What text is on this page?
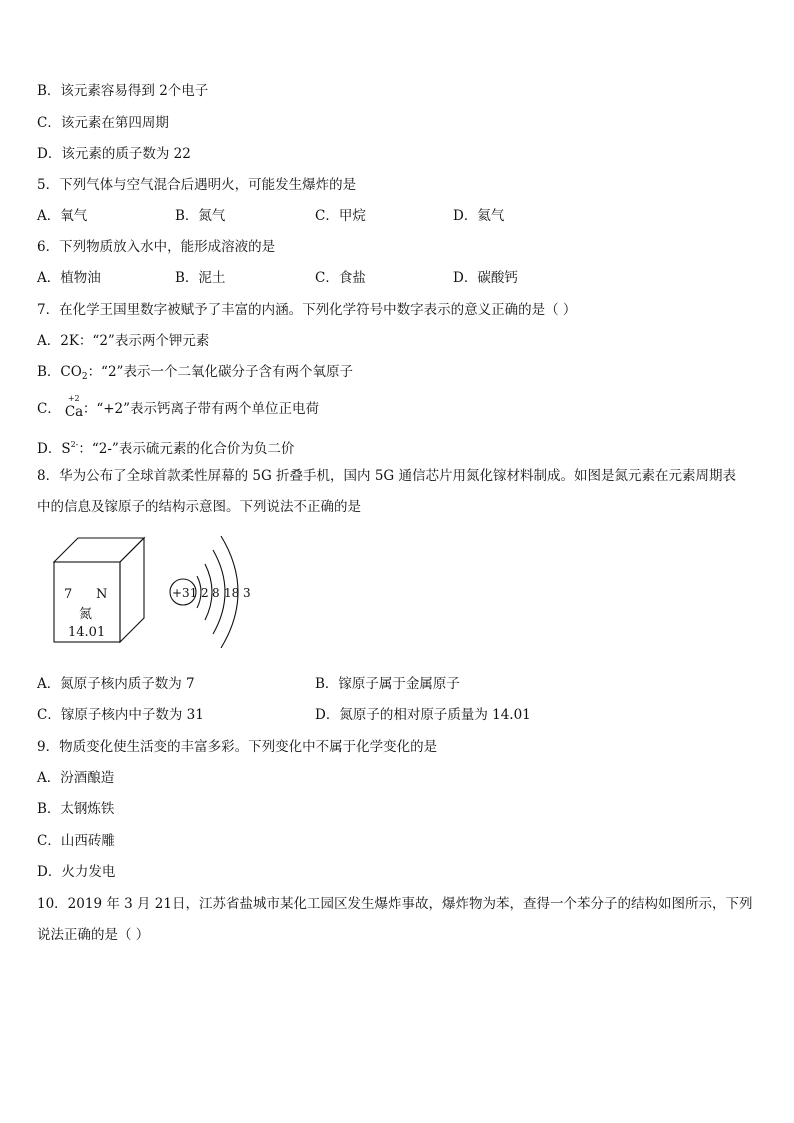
B．该元素容易得到 2个电子
C．该元素在第四周期
D．该元素的质子数为 22
5．下列气体与空气混合后遇明火，可能发生爆炸的是
A．氧气	B．氮气	C．甲烷	D．氦气
6．下列物质放入水中，能形成溶液的是
A．植物油	B．泥土	C．食盐	D．碳酸钙
7．在化学王国里数字被赋予了丰富的内涵。下列化学符号中数字表示的意义正确的是（ ）
A．2K：“2”表示两个钾元素
B．$CO_2$：“2”表示一个二氧化碳分子含有两个氧原子
C．
+2
Ca：“+2”表示钙离子带有两个单位正电荷
D．$S^{2-}$：“2-”表示硫元素的化合价为负二价
8．华为公布了全球首款柔性屏幕的 5G 折叠手机，国内 5G 通信芯片用氮化镓材料制成。如图是氮元素在元素周期表
中的信息及镓原子的结构示意图。下列说法不正确的是
7 N
氮
14.01
+31 2 8 18 3
A．氮原子核内质子数为 7	B．镓原子属于金属原子
C．镓原子核内中子数为 31	D．氮原子的相对原子质量为 14.01
9．物质变化使生活变的丰富多彩。下列变化中不属于化学变化的是
A．汾酒酿造
B．太钢炼铁
C．山西砖雕
D．火力发电
10．2019 年 3 月 21日，江苏省盐城市某化工园区发生爆炸事故，爆炸物为苯，查得一个苯分子的结构如图所示，下列
说法正确的是（ ）
